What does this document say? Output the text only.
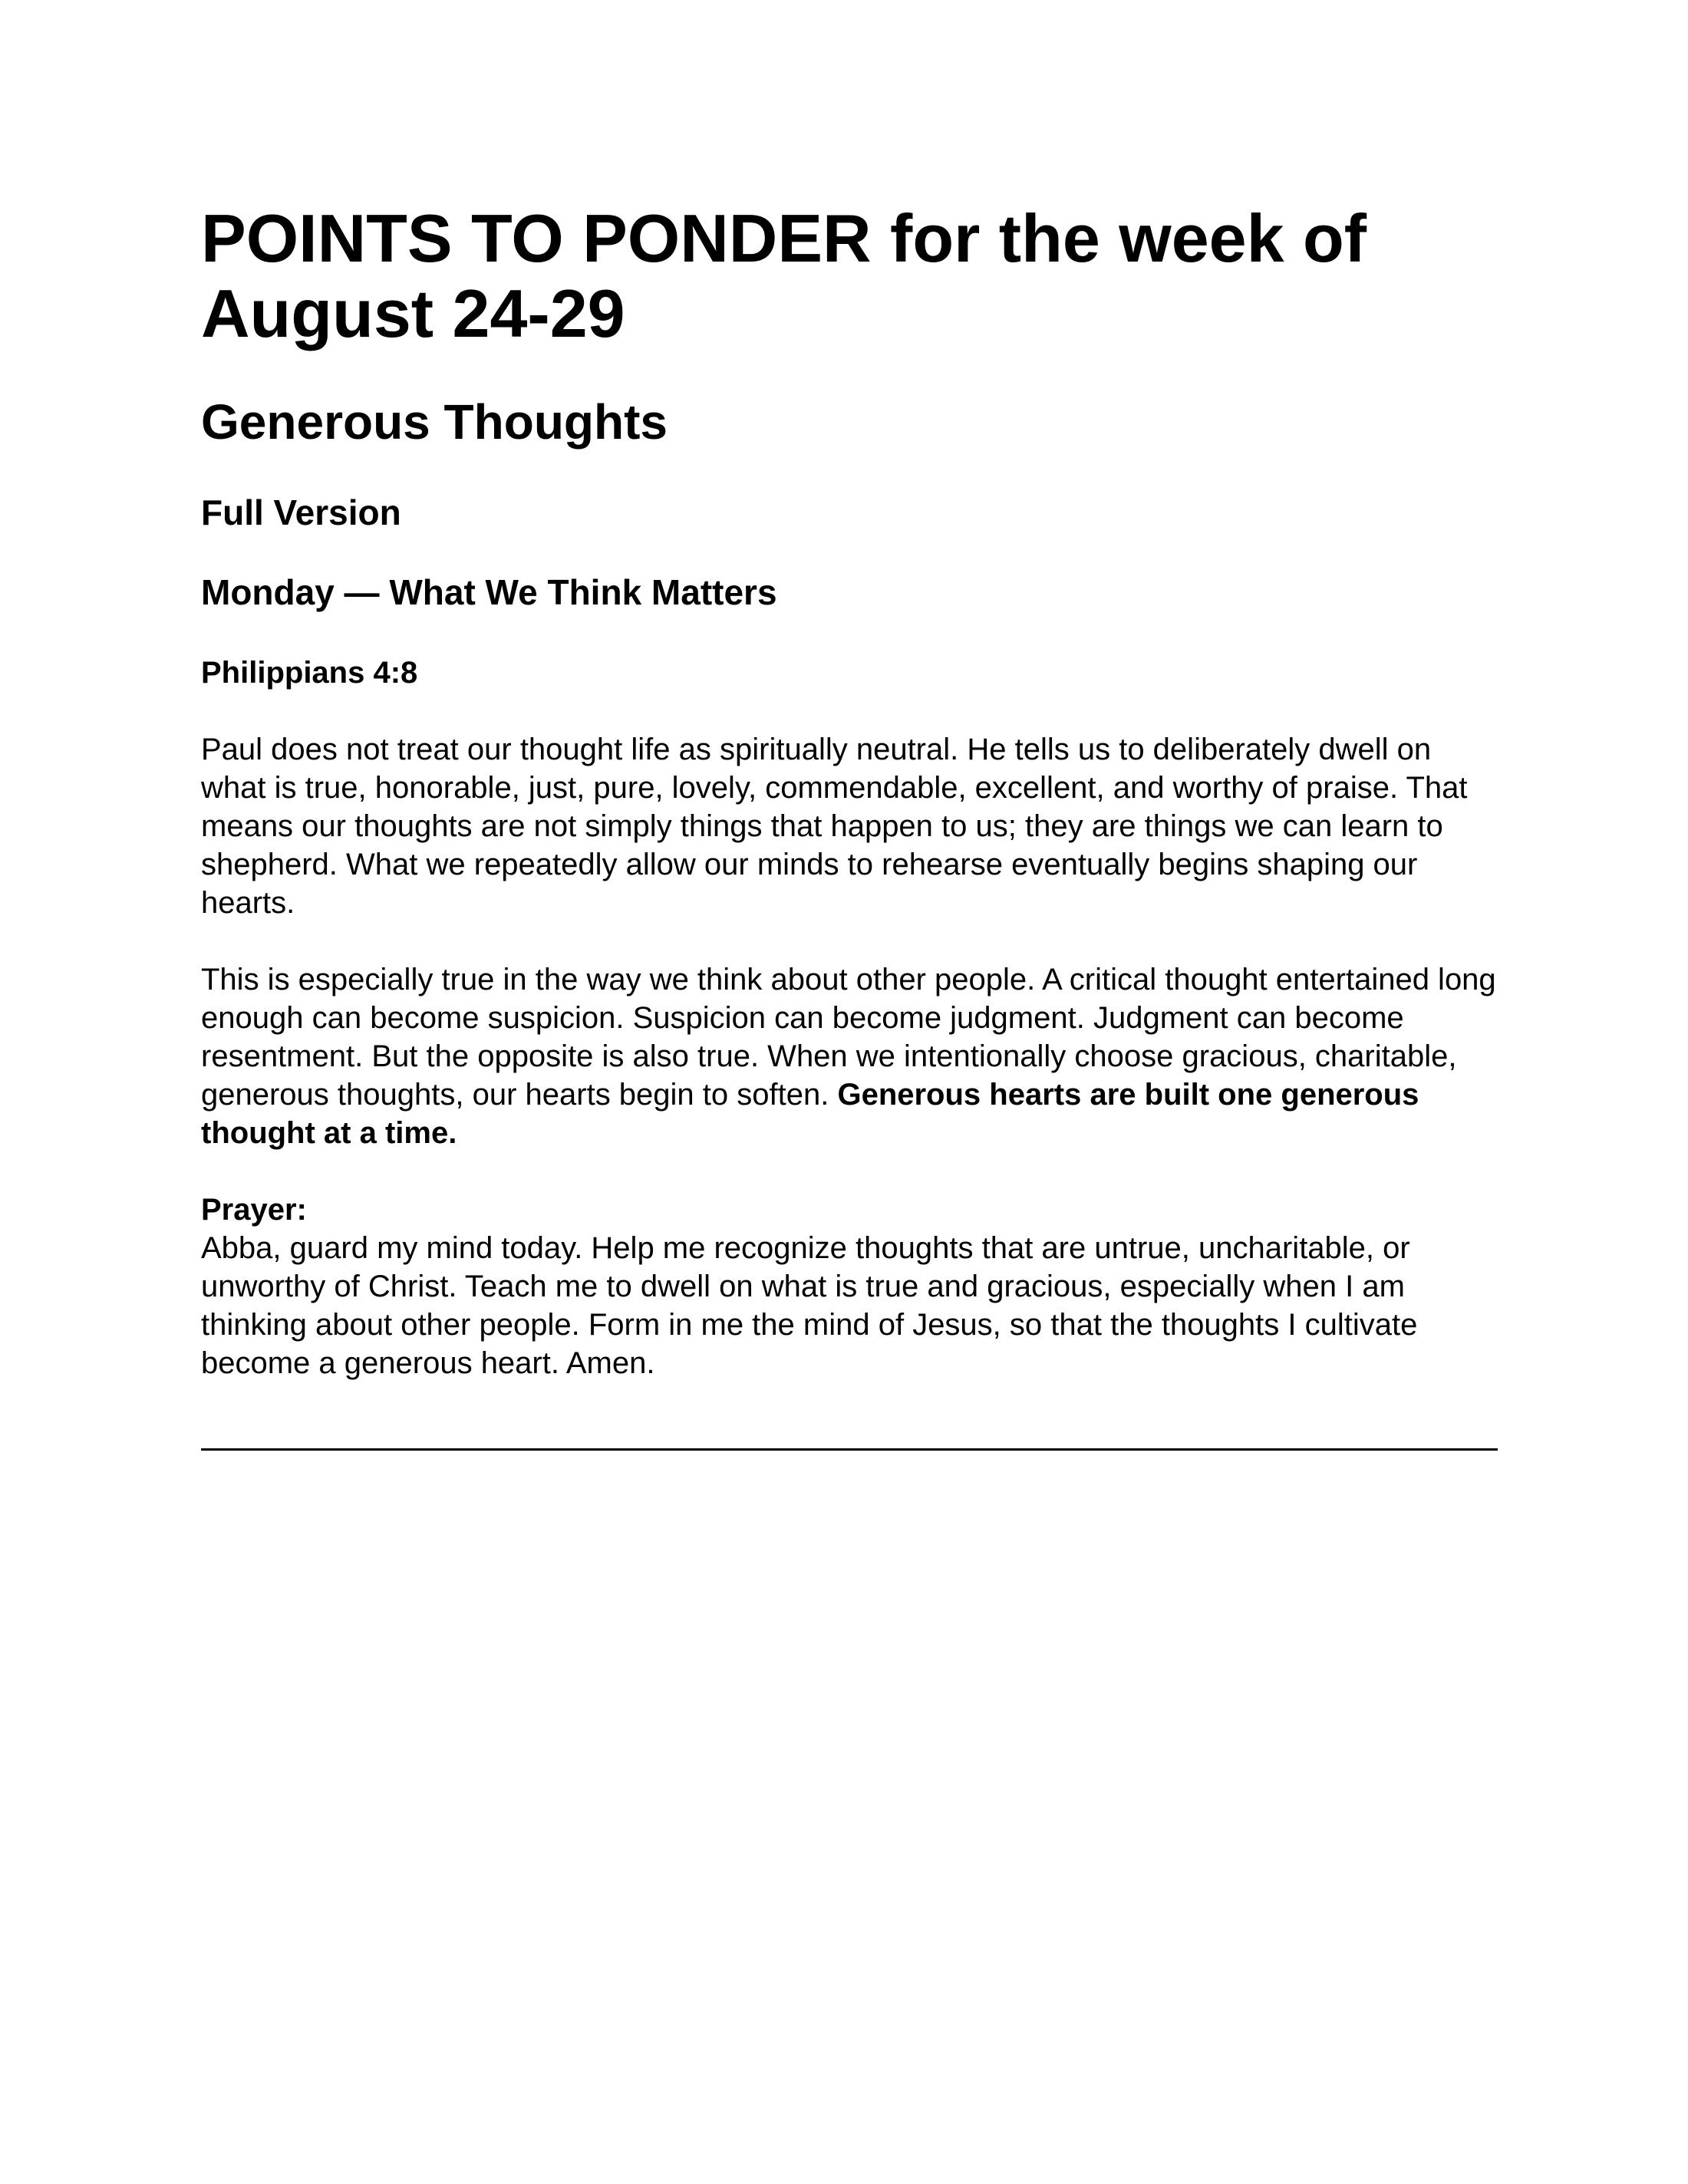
POINTS TO PONDER for the week of August 24-29
Generous Thoughts
Full Version
Monday — What We Think Matters
Philippians 4:8

Paul does not treat our thought life as spiritually neutral. He tells us to deliberately dwell on what is true, honorable, just, pure, lovely, commendable, excellent, and worthy of praise. That means our thoughts are not simply things that happen to us; they are things we can learn to shepherd. What we repeatedly allow our minds to rehearse eventually begins shaping our hearts.

This is especially true in the way we think about other people. A critical thought entertained long enough can become suspicion. Suspicion can become judgment. Judgment can become resentment. But the opposite is also true. When we intentionally choose gracious, charitable, generous thoughts, our hearts begin to soften. Generous hearts are built one generous thought at a time.

Prayer:
Abba, guard my mind today. Help me recognize thoughts that are untrue, uncharitable, or unworthy of Christ. Teach me to dwell on what is true and gracious, especially when I am thinking about other people. Form in me the mind of Jesus, so that the thoughts I cultivate become a generous heart. Amen.
